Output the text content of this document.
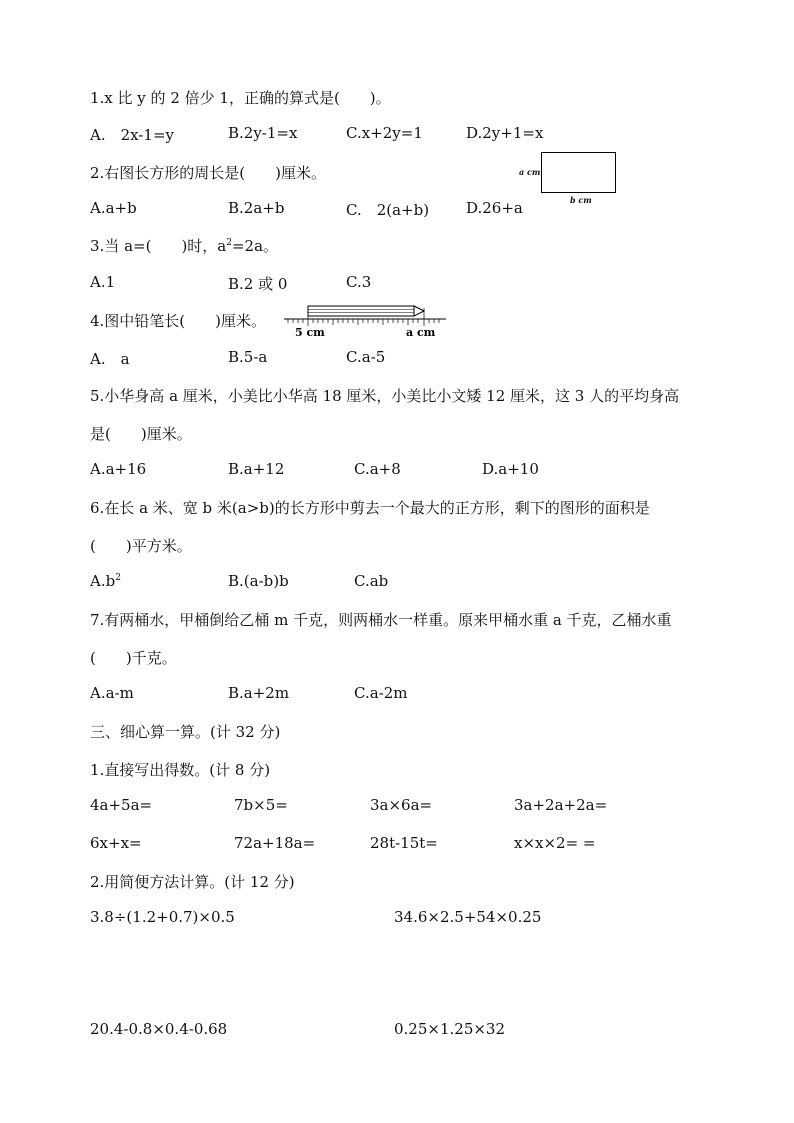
1.x 比 y 的 2 倍少 1，正确的算式是(　　)。
A.　2x-1=y	B.2y-1=x	C.x+2y=1	D.2y+1=x
2.右图长方形的周长是(　　)厘米。	a cm
b cm
A.a+b	B.2a+b	C.　2(a+b) D.26+a
3.当 a=(　　)时，$a^2=2a$。
A.1	B.2 或 0	C.3
4.图中铅笔长(　　)厘米。
5 cm	a cm
A.　a	B.5-a	C.a-5
5.小华身高 a 厘米，小美比小华高 18 厘米，小美比小文矮 12 厘米，这 3 人的平均身高
是(　　)厘米。
A.a+16	B.a+12	C.a+8	D.a+10
6.在长 a 米、宽 b 米(a>b)的长方形中剪去一个最大的正方形，剩下的图形的面积是
(　　)平方米。
$A.b^2$	B.(a-b)b	C.ab
7.有两桶水，甲桶倒给乙桶 m 千克，则两桶水一样重。原来甲桶水重 a 千克，乙桶水重
(　　)千克。
A.a-m	B.a+2m	C.a-2m
三、细心算一算。(计 32 分)
1.直接写出得数。(计 8 分)
4a+5a=	7b×5=	3a×6a=	3a+2a+2a=
6x+x=	72a+18a=	28t-15t=	x×x×2= =
2.用简便方法计算。(计 12 分)
3.8÷(1.2+0.7)×0.5	34.6×2.5+54×0.25
20.4-0.8×0.4-0.68	0.25×1.25×32
